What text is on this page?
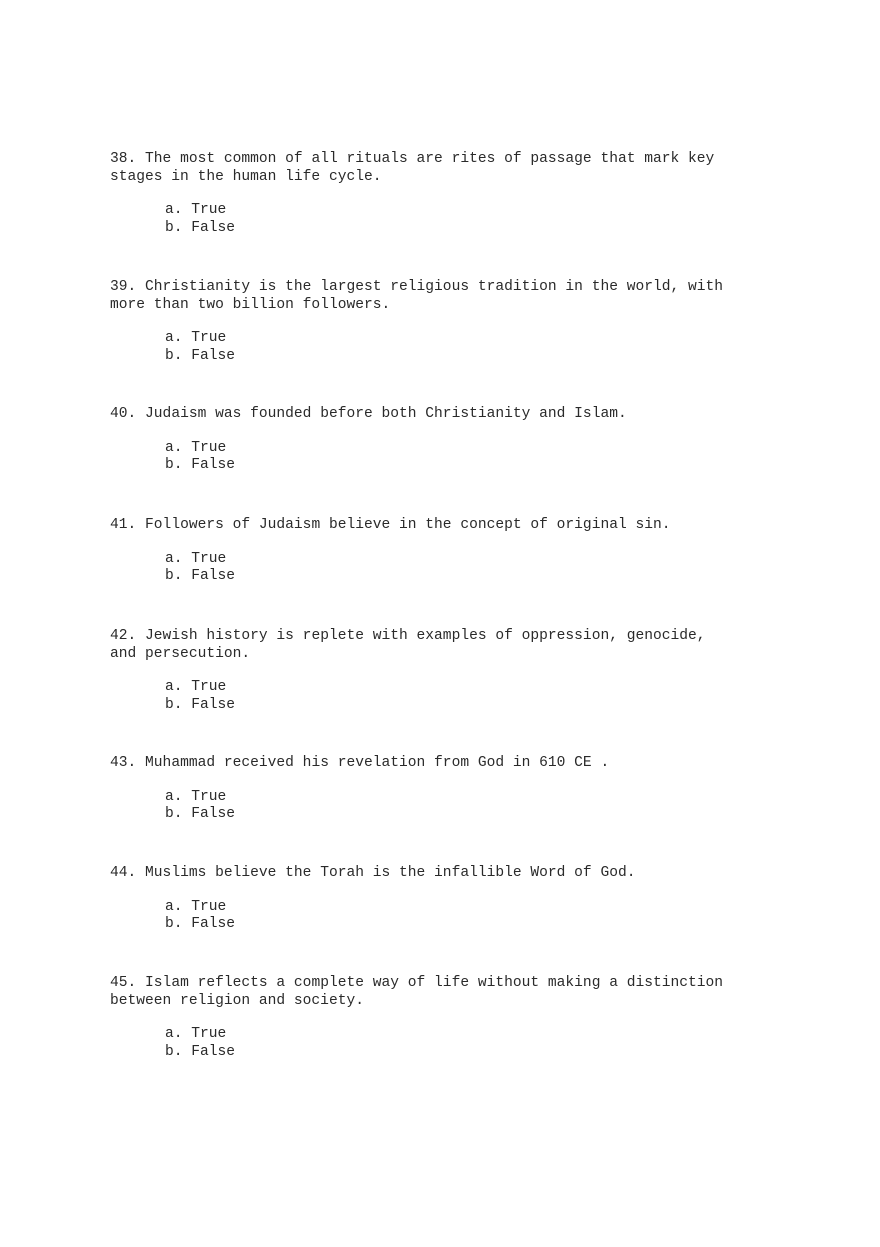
38. The most common of all rituals are rites of passage that mark key
stages in the human life cycle.

a. True
b. False

39. Christianity is the largest religious tradition in the world, with
more than two billion followers.

a. True
b. False

40. Judaism was founded before both Christianity and Islam.

a. True
b. False

41. Followers of Judaism believe in the concept of original sin.

a. True
b. False

42. Jewish history is replete with examples of oppression, genocide,
and persecution.

a. True
b. False

43. Muhammad received his revelation from God in 610 CE .

a. True
b. False

44. Muslims believe the Torah is the infallible Word of God.

a. True
b. False

45. Islam reflects a complete way of life without making a distinction
between religion and society.

a. True
b. False
